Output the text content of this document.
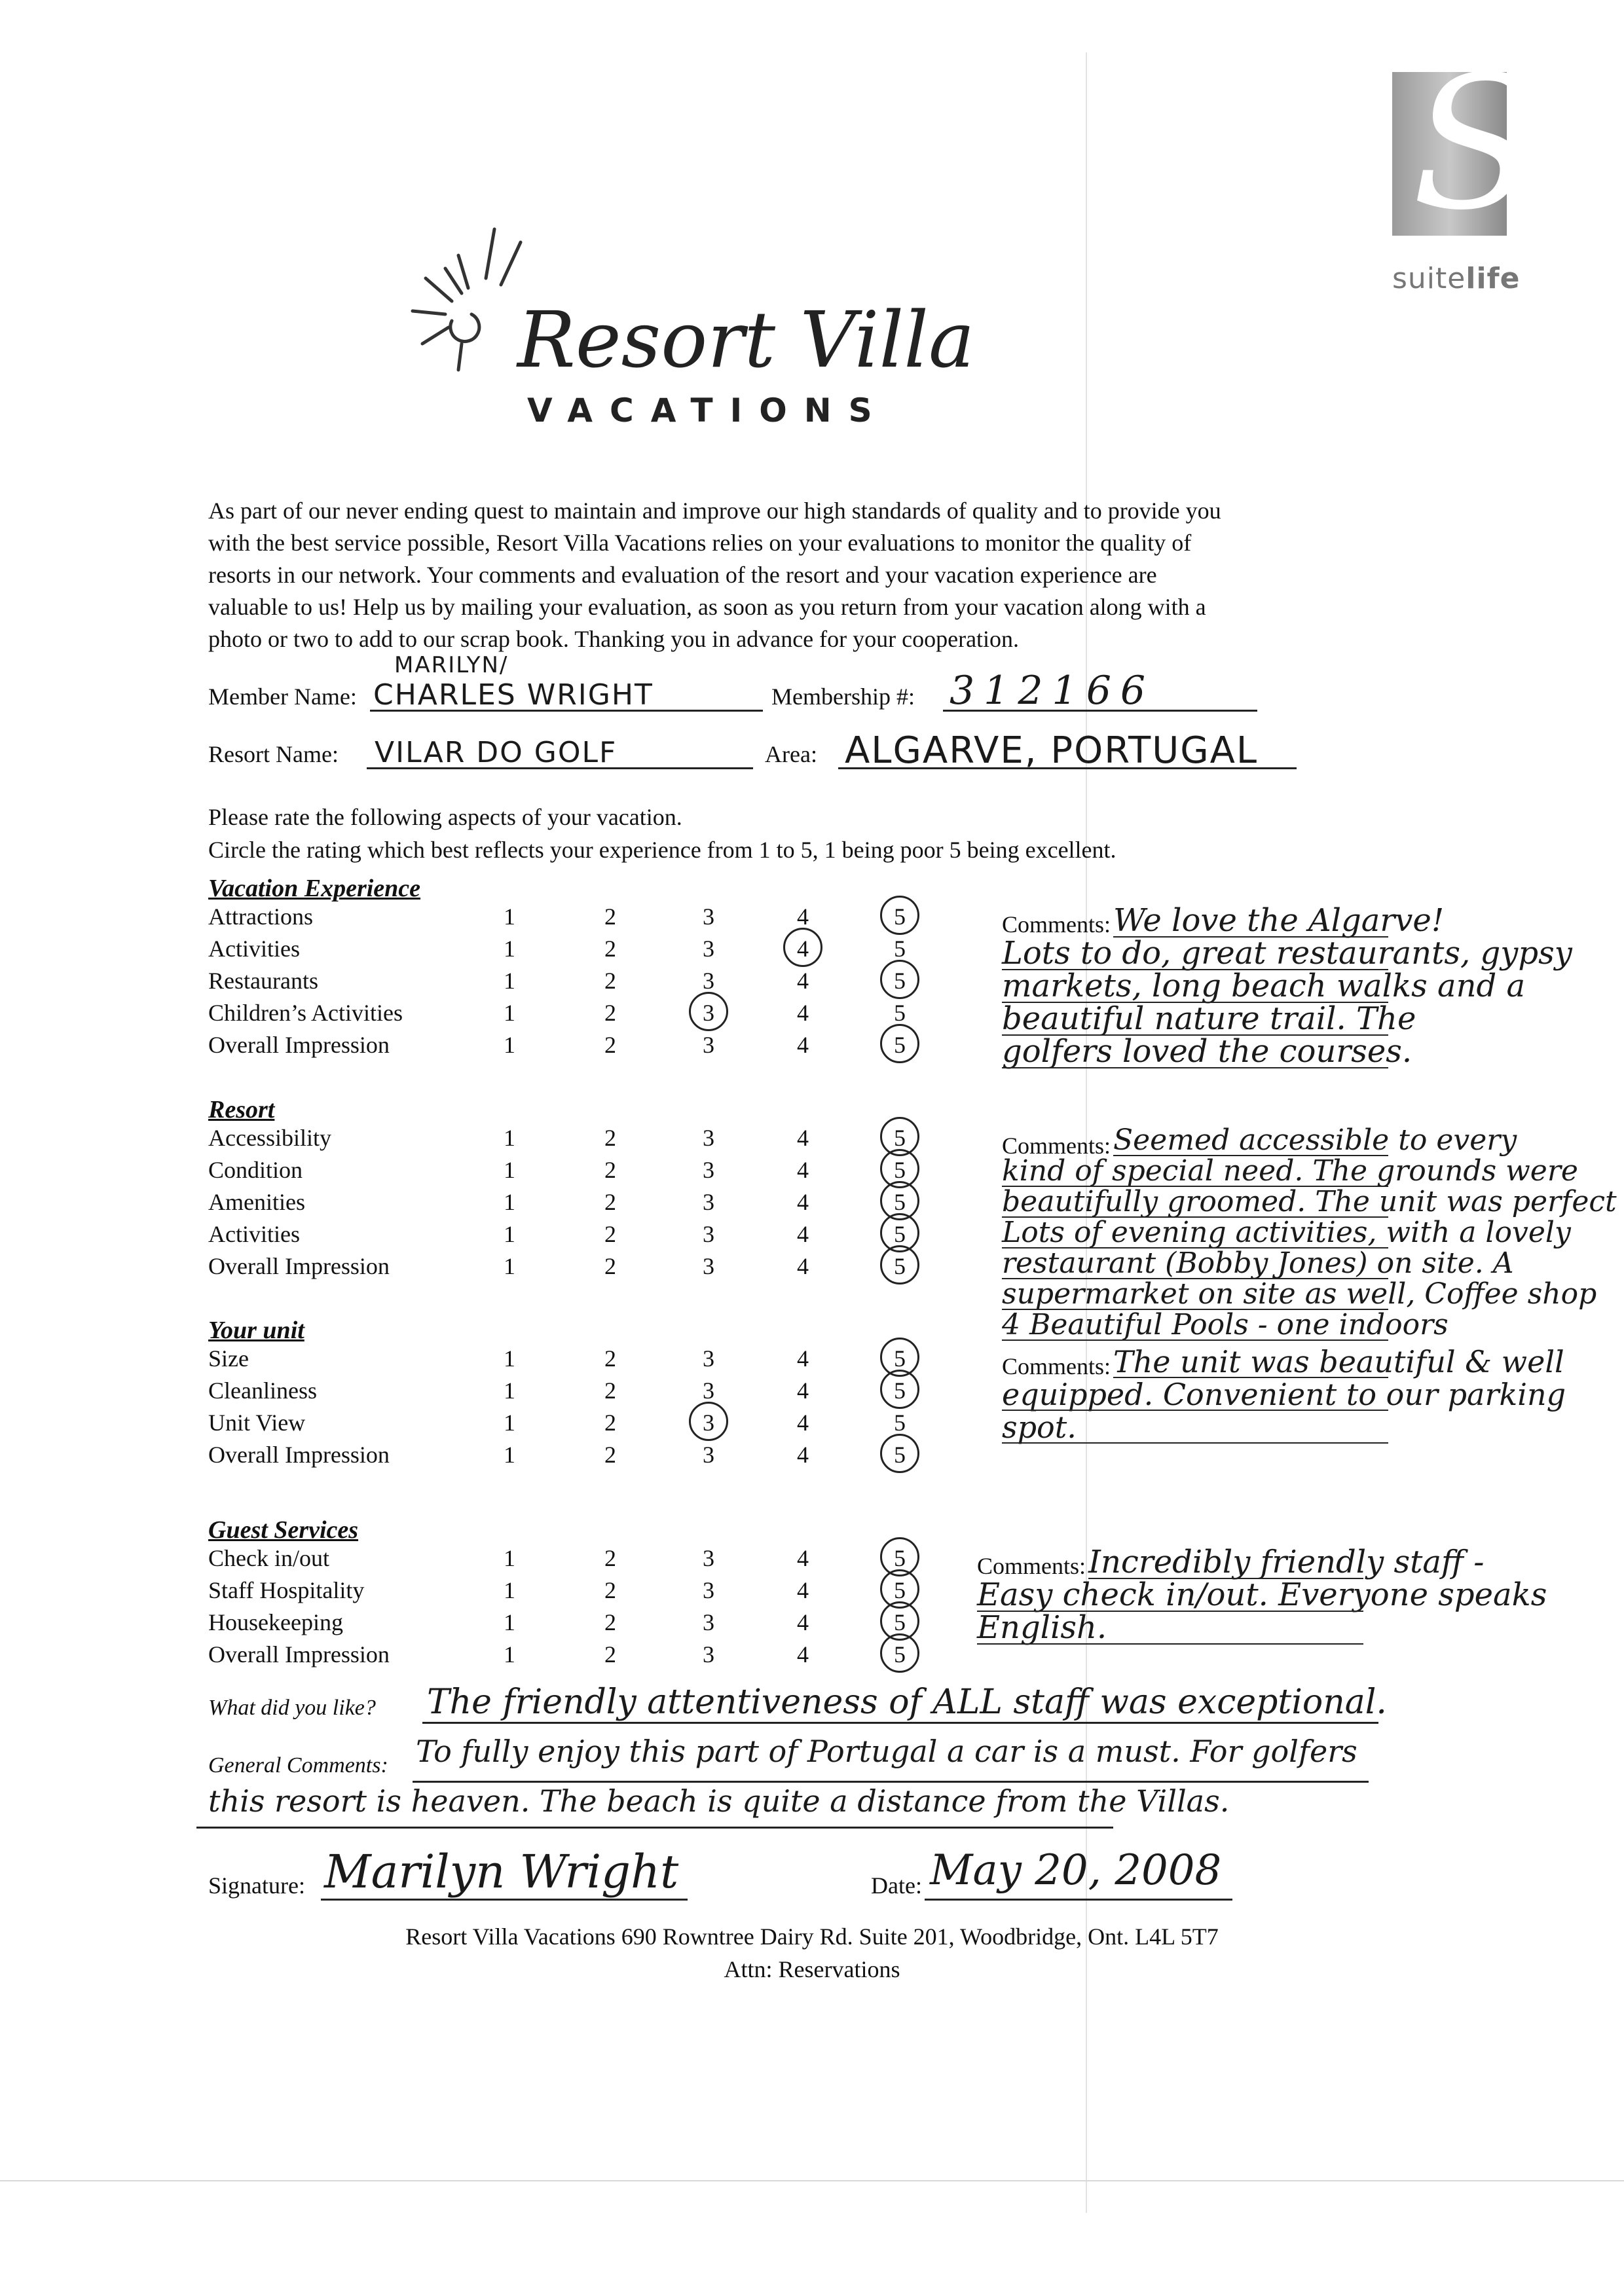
Resort Villa
VACATIONS
S
suitelife
As part of our never ending quest to maintain and improve our high standards of quality and to provide you
with the best service possible, Resort Villa Vacations relies on your evaluations to monitor the quality of
resorts in our network. Your comments and evaluation of the resort and your vacation experience are
valuable to us! Help us by mailing your evaluation, as soon as you return from your vacation along with a
photo or two to add to our scrap book. Thanking you in advance for your cooperation.
MARILYN/
Member Name: CHARLES WRIGHT	Membership #: 312166
Resort Name: VILAR DO GOLF	Area: ALGARVE, PORTUGAL
Please rate the following aspects of your vacation.
Circle the rating which best reflects your experience from 1 to 5, 1 being poor 5 being excellent.
Vacation Experience
Attractions	1	2	3	4	5
Activities	1	2	3	4	5
Restaurants	1	2	3	4	5
Children’s Activities	1	2	3	4	5
Overall Impression	1	2	3	4	5
Comments: We love the Algarve!
Lots to do, great restaurants, gypsy
markets, long beach walks and a
beautiful nature trail. The
golfers loved the courses.
Resort
Accessibility	1	2	3	4	5
Condition	1	2	3	4	5
Amenities	1	2	3	4	5
Activities	1	2	3	4	5
Overall Impression	1	2	3	4	5
Comments: Seemed accessible to every
kind of special need. The grounds were
beautifully groomed. The unit was perfect
Lots of evening activities, with a lovely
restaurant (Bobby Jones) on site. A
supermarket on site as well, Coffee shop
4 Beautiful Pools - one indoors
Your unit
Size	1	2	3	4	5
Cleanliness	1	2	3	4	5
Unit View	1	2	3	4	5
Overall Impression	1	2	3	4	5
Comments: The unit was beautiful & well
equipped. Convenient to our parking
spot.
Guest Services
Check in/out	1	2	3	4	5
Staff Hospitality	1	2	3	4	5
Housekeeping	1	2	3	4	5
Overall Impression	1	2	3	4	5
Comments: Incredibly friendly staff -
Easy check in/out. Everyone speaks
English.
What did you like? The friendly attentiveness of ALL staff was exceptional.
General Comments: To fully enjoy this part of Portugal a car is a must. For golfers
this resort is heaven. The beach is quite a distance from the Villas.
Signature: Marilyn Wright	Date: May 20, 2008
Resort Villa Vacations 690 Rowntree Dairy Rd. Suite 201, Woodbridge, Ont. L4L 5T7
Attn: Reservations
